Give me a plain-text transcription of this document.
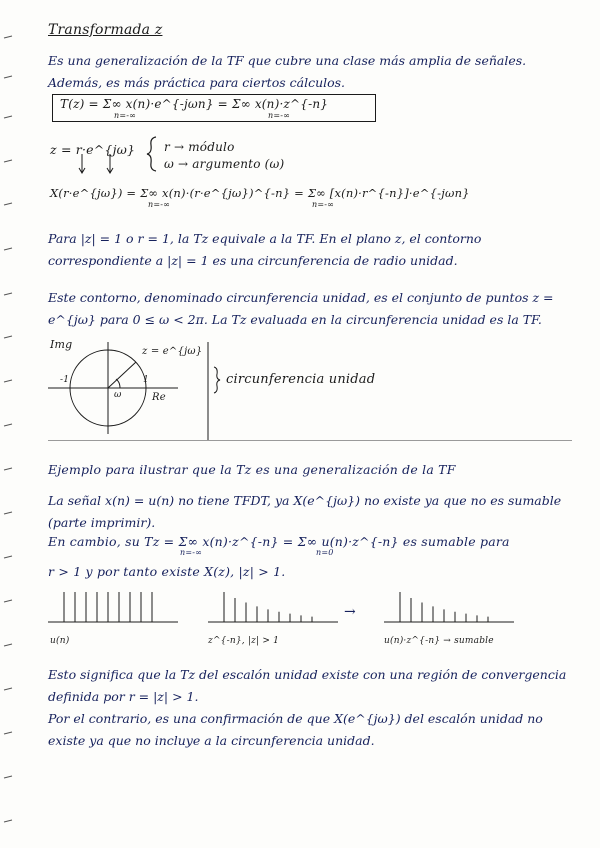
Transformada z
Es una generalización de la TF que cubre una clase más amplia de señales. Además, es más práctica para ciertos cálculos.
T(z) = Σ∞ x(n)·e^{-jωn} = Σ∞ x(n)·z^{-n}
n=-∞	n=-∞
z = r·e^{jω} r → módulo
ω → argumento (ω)
X(r·e^{jω}) = Σ∞ x(n)·(r·e^{jω})^{-n} = Σ∞ [x(n)·r^{-n}]·e^{-jωn}
n=-∞	n=-∞
Para |z| = 1 o r = 1, la Tz equivale a la TF. En el plano z, el contorno correspondiente a |z| = 1 es una circunferencia de radio unidad.
Este contorno, denominado circunferencia unidad, es el conjunto de puntos z = e^{jω} para 0 ≤ ω < 2π. La Tz evaluada en la circunferencia unidad es la TF.
Img
z = e^{jω}
-1	1
ω	Re
circunferencia unidad
Ejemplo para ilustrar que la Tz es una generalización de la TF
La señal x(n) = u(n) no tiene TFDT, ya X(e^{jω}) no existe ya que no es sumable (parte imprimir).
En cambio, su Tz = Σ∞ x(n)·z^{-n} = Σ∞ u(n)·z^{-n} es sumable para
n=-∞	n=0
r > 1 y por tanto existe X(z), |z| > 1.
u(n)	z^{-n}, |z| > 1
→
u(n)·z^{-n} → sumable
Esto significa que la Tz del escalón unidad existe con una región de convergencia definida por r = |z| > 1.
Por el contrario, es una confirmación de que X(e^{jω}) del escalón unidad no existe ya que no incluye a la circunferencia unidad.
